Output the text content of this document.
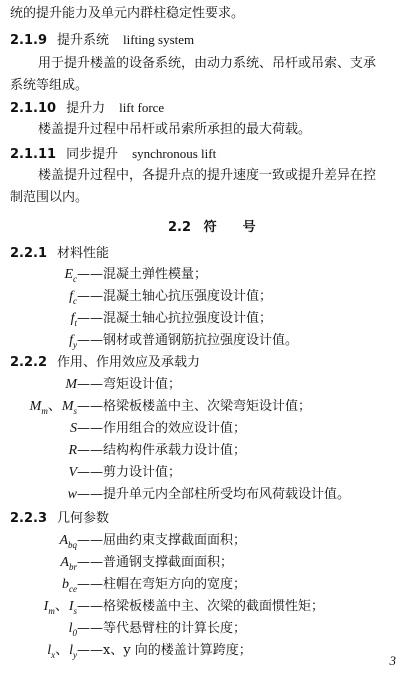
统的提升能力及单元内群柱稳定性要求。
2.1.9 提升系统 lifting system
用于提升楼盖的设备系统，由动力系统、吊杆或吊索、支承
系统等组成。
2.1.10 提升力 lift force
楼盖提升过程中吊杆或吊索所承担的最大荷载。
2.1.11 同步提升 synchronous lift
楼盖提升过程中，各提升点的提升速度一致或提升差异在控
制范围以内。
2.2 符　　号
2.2.1 材料性能
$E_c——$混凝土弹性模量；
$f_c——$混凝土轴心抗压强度设计值；
$f_t——$混凝土轴心抗拉强度设计值；
$f_y——$钢材或普通钢筋抗拉强度设计值。
2.2.2 作用、作用效应及承载力
M——弯矩设计值；
$M_m$、$M_s——$格梁板楼盖中主、次梁弯矩设计值；
S——作用组合的效应设计值；
R——结构构件承载力设计值；
V——剪力设计值；
w——提升单元内全部柱所受均布风荷载设计值。
2.2.3 几何参数
$A_{bq}——$屈曲约束支撑截面面积；
$A_{br}——$普通钢支撑截面面积；
$b_{ce}——$柱帽在弯矩方向的宽度；
$I_m$、$I_s——$格梁板楼盖中主、次梁的截面惯性矩；
$l_0——$等代悬臂柱的计算长度；
$l_x$、$l_y——x$、y 向的楼盖计算跨度；
3
